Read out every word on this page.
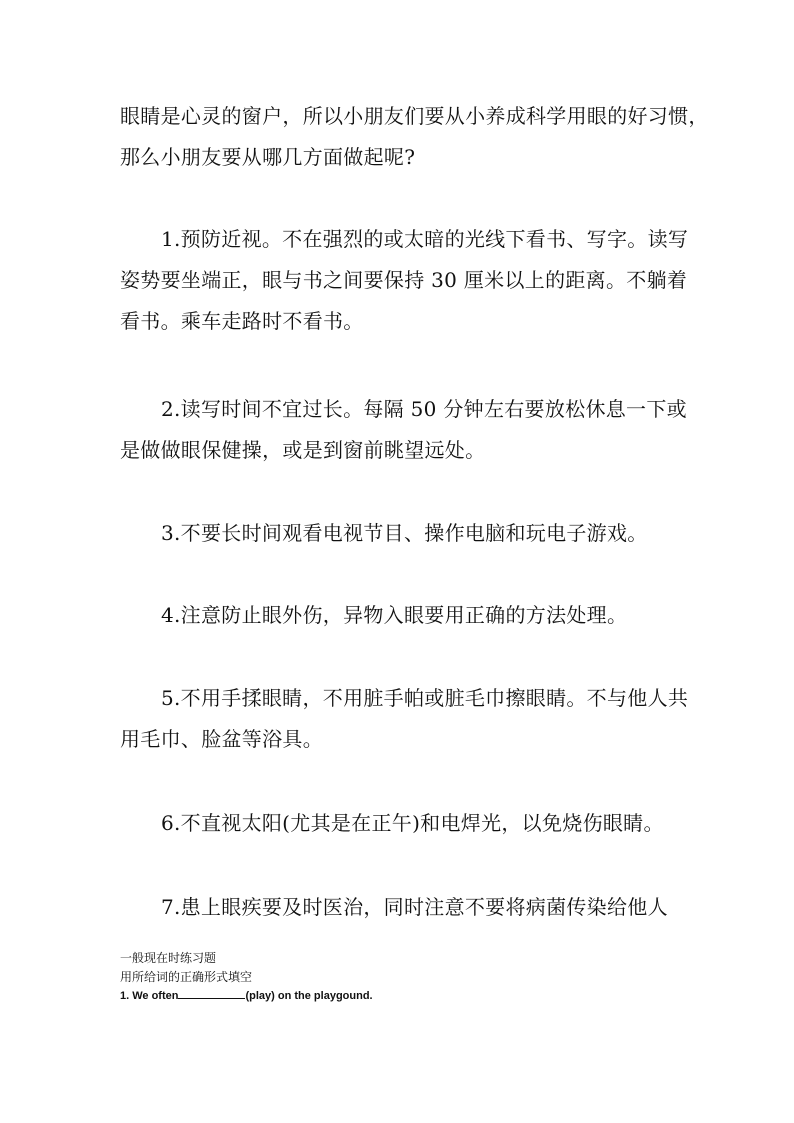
眼睛是心灵的窗户，所以小朋友们要从小养成科学用眼的好习惯，
那么小朋友要从哪几方面做起呢?

1.预防近视。不在强烈的或太暗的光线下看书、写字。读写
姿势要坐端正，眼与书之间要保持 30 厘米以上的距离。不躺着
看书。乘车走路时不看书。

2.读写时间不宜过长。每隔 50 分钟左右要放松休息一下或
是做做眼保健操，或是到窗前眺望远处。

3.不要长时间观看电视节目、操作电脑和玩电子游戏。

4.注意防止眼外伤，异物入眼要用正确的方法处理。

5.不用手揉眼睛，不用脏手帕或脏毛巾擦眼睛。不与他人共
用毛巾、脸盆等浴具。

6.不直视太阳(尤其是在正午)和电焊光，以免烧伤眼睛。

7.患上眼疾要及时医治，同时注意不要将病菌传染给他人

一般现在时练习题
用所给词的正确形式填空
1. We often	(play) on the playgound.
